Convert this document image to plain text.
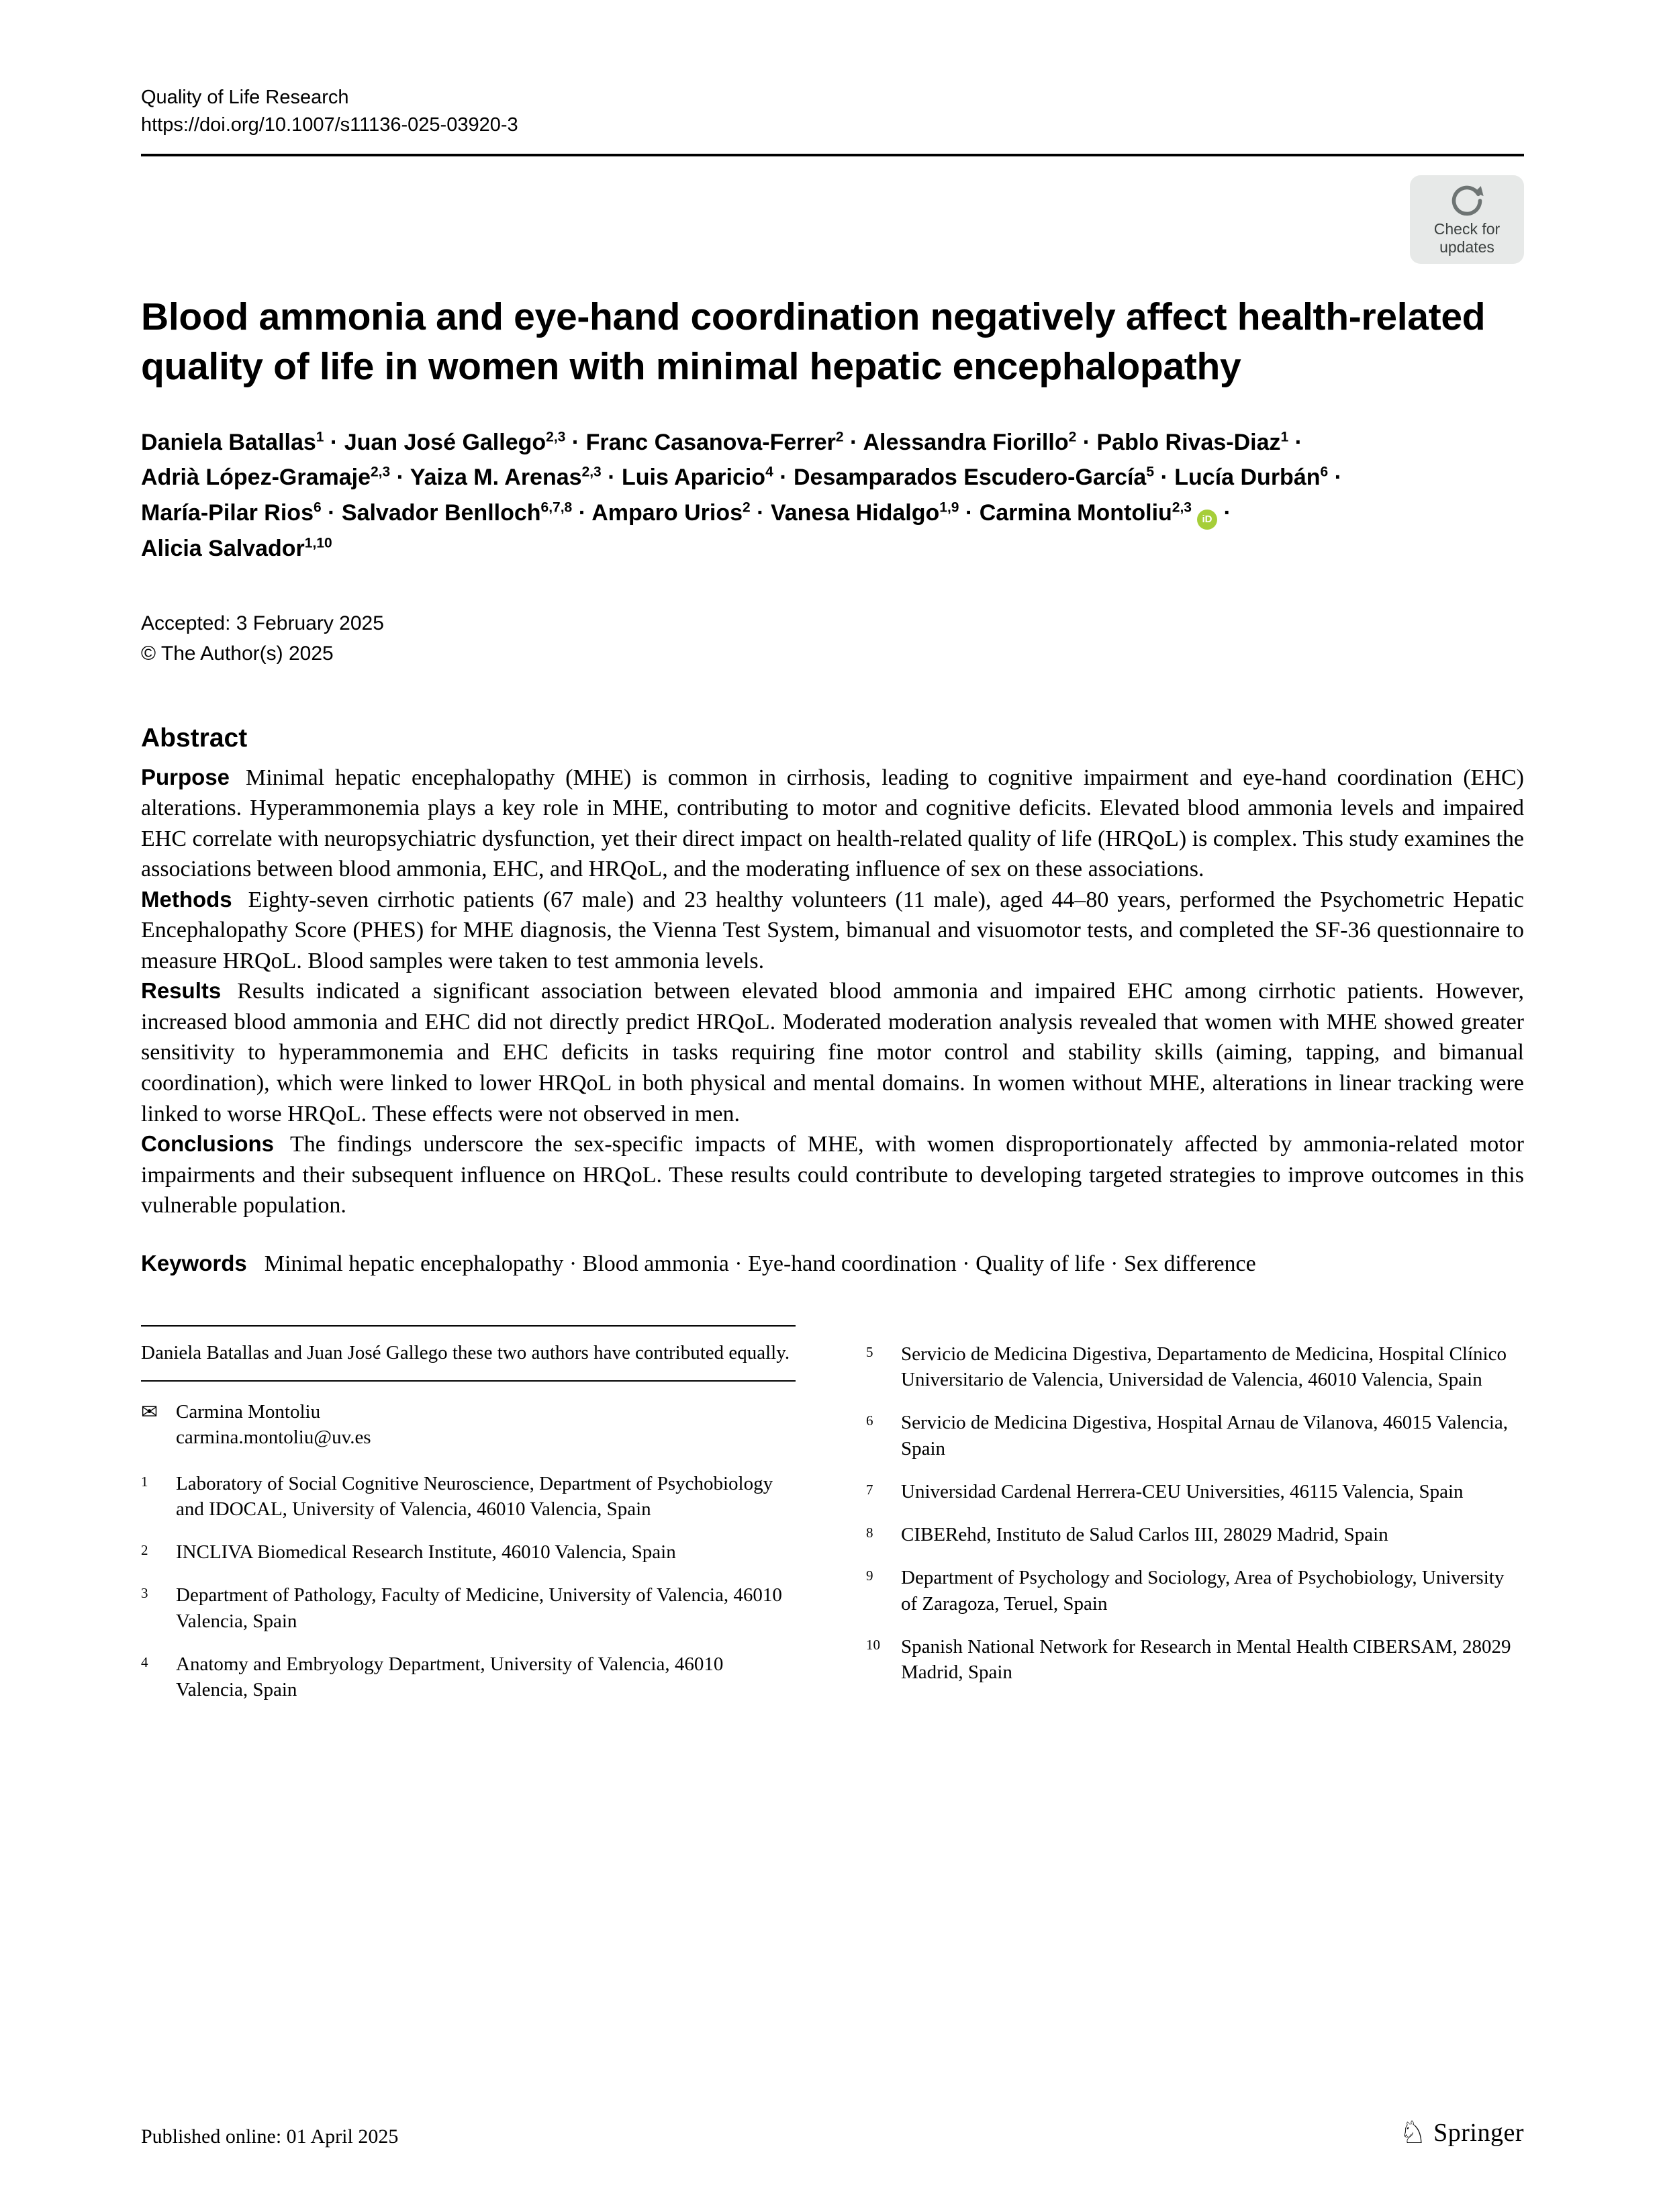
Quality of Life Research
https://doi.org/10.1007/s11136-025-03920-3
Check for
updates
Blood ammonia and eye-hand coordination negatively affect health-related quality of life in women with minimal hepatic encephalopathy
Daniela Batallas$^1$ · Juan José Gallego$^{2,3}$ · Franc Casanova-Ferrer$^2$ · Alessandra Fiorillo$^2$ · Pablo Rivas-Diaz$^1$ ·
Adrià López-Gramaje$^{2,3}$ · Yaiza M. Arenas$^{2,3}$ · Luis Aparicio$^4$ · Desamparados Escudero-García$^5$ · Lucía Durbán$^6$ ·
María-Pilar Rios$^6$ · Salvador Benlloch$^{6,7,8}$ · Amparo Urios$^2$ · Vanesa Hidalgo$^{1,9}$ · Carmina Montoliu$^{2,3}$iD ·
Alicia Salvador$^{1,10}$
Accepted: 3 February 2025
© The Author(s) 2025
Abstract

Purpose Minimal hepatic encephalopathy (MHE) is common in cirrhosis, leading to cognitive impairment and eye-hand coordination (EHC) alterations. Hyperammonemia plays a key role in MHE, contributing to motor and cognitive deficits. Elevated blood ammonia levels and impaired EHC correlate with neuropsychiatric dysfunction, yet their direct impact on health-related quality of life (HRQoL) is complex. This study examines the associations between blood ammonia, EHC, and HRQoL, and the moderating influence of sex on these associations.

Methods Eighty-seven cirrhotic patients (67 male) and 23 healthy volunteers (11 male), aged 44–80 years, performed the Psychometric Hepatic Encephalopathy Score (PHES) for MHE diagnosis, the Vienna Test System, bimanual and visuomotor tests, and completed the SF-36 questionnaire to measure HRQoL. Blood samples were taken to test ammonia levels.

Results Results indicated a significant association between elevated blood ammonia and impaired EHC among cirrhotic patients. However, increased blood ammonia and EHC did not directly predict HRQoL. Moderated moderation analysis revealed that women with MHE showed greater sensitivity to hyperammonemia and EHC deficits in tasks requiring fine motor control and stability skills (aiming, tapping, and bimanual coordination), which were linked to lower HRQoL in both physical and mental domains. In women without MHE, alterations in linear tracking were linked to worse HRQoL. These effects were not observed in men.

Conclusions The findings underscore the sex-specific impacts of MHE, with women disproportionately affected by ammonia-related motor impairments and their subsequent influence on HRQoL. These results could contribute to developing targeted strategies to improve outcomes in this vulnerable population.

Keywords Minimal hepatic encephalopathy · Blood ammonia · Eye-hand coordination · Quality of life · Sex difference

Daniela Batallas and Juan José Gallego these two authors have contributed equally.

✉ Carmina Montoliu
carmina.montoliu@uv.es
1	Laboratory of Social Cognitive Neuroscience, Department of Psychobiology and IDOCAL, University of Valencia, 46010 Valencia, Spain
2	INCLIVA Biomedical Research Institute, 46010 Valencia, Spain
3	Department of Pathology, Faculty of Medicine, University of Valencia, 46010 Valencia, Spain
4	Anatomy and Embryology Department, University of Valencia, 46010 Valencia, Spain
5	Servicio de Medicina Digestiva, Departamento de Medicina, Hospital Clínico Universitario de Valencia, Universidad de Valencia, 46010 Valencia, Spain
6	Servicio de Medicina Digestiva, Hospital Arnau de Vilanova, 46015 Valencia, Spain
7	Universidad Cardenal Herrera-CEU Universities, 46115 Valencia, Spain
8	CIBERehd, Instituto de Salud Carlos III, 28029 Madrid, Spain
9	Department of Psychology and Sociology, Area of Psychobiology, University of Zaragoza, Teruel, Spain
10	Spanish National Network for Research in Mental Health CIBERSAM, 28029 Madrid, Spain
Published online: 01 April 2025	♘ Springer
